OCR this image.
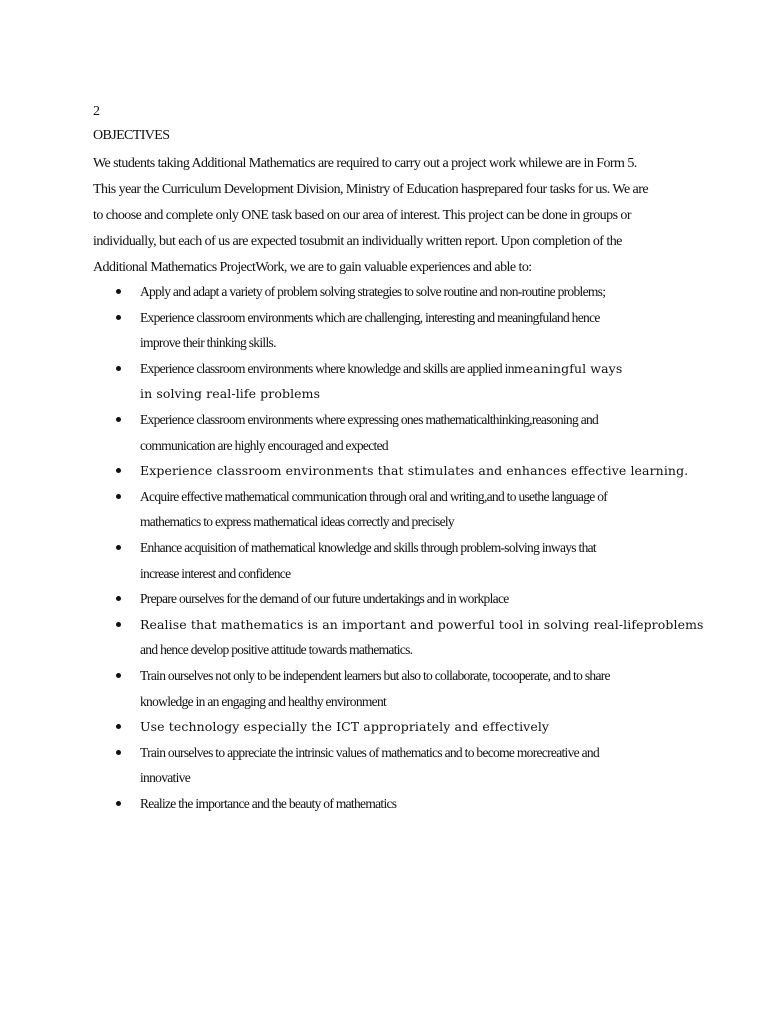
2
OBJECTIVES

We students taking Additional Mathematics are required to carry out a project work whilewe are in Form 5.
This year the Curriculum Development Division, Ministry of Education hasprepared four tasks for us. We are
to choose and complete only ONE task based on our area of interest. This project can be done in groups or
individually, but each of us are expected tosubmit an individually written report. Upon completion of the
Additional Mathematics ProjectWork, we are to gain valuable experiences and able to:

Apply and adapt a variety of problem solving strategies to solve routine and non-routine problems;
Experience classroom environments which are challenging, interesting and meaningfuland hence
improve their thinking skills.
Experience classroom environments where knowledge and skills are applied inmeaningful ways
in solving real-life problems
Experience classroom environments where expressing ones mathematicalthinking,reasoning and
communication are highly encouraged and expected
Experience classroom environments that stimulates and enhances effective learning.
Acquire effective mathematical communication through oral and writing,and to usethe language of
mathematics to express mathematical ideas correctly and precisely
Enhance acquisition of mathematical knowledge and skills through problem-solving inways that
increase interest and confidence
Prepare ourselves for the demand of our future undertakings and in workplace
Realise that mathematics is an important and powerful tool in solving real-lifeproblems
and hence develop positive attitude towards mathematics.
Train ourselves not only to be independent learners but also to collaborate, tocooperate, and to share
knowledge in an engaging and healthy environment
Use technology especially the ICT appropriately and effectively
Train ourselves to appreciate the intrinsic values of mathematics and to become morecreative and
innovative
Realize the importance and the beauty of mathematics
